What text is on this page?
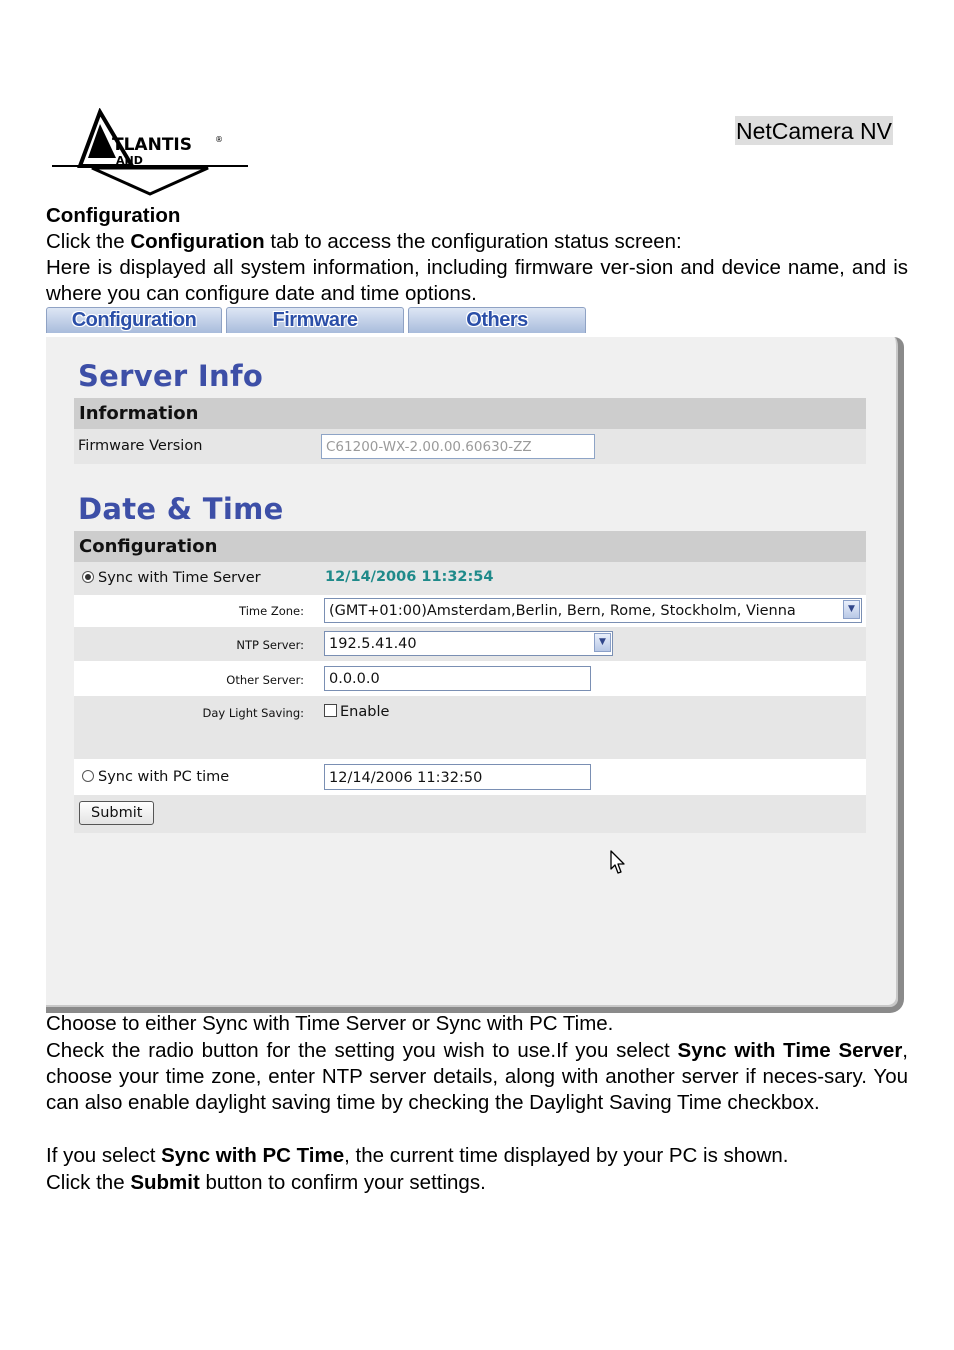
TLANTIS	®
AND
NetCamera NV
Configuration
Click the Configuration tab to access the configuration status screen:
Here is displayed all system information, including firmware ver-sion and device name, and is where you can configure date and time options.
Configuration	Firmware	Others
Server Info
Information
Firmware Version	C61200-WX-2.00.00.60630-ZZ
Date & Time
Configuration
Sync with Time Server	12/14/2006 11:32:54
Time Zone:	(GMT+01:00)Amsterdam,Berlin, Bern, Rome, Stockholm, Vienna	▼
NTP Server:	192.5.41.40	▼
Other Server:	0.0.0.0
Day Light Saving:	Enable
Sync with PC time	12/14/2006 11:32:50
Submit
Choose to either Sync with Time Server or Sync with PC Time.
Check the radio button for the setting you wish to use.If you select Sync with Time Server, choose your time zone, enter NTP server details, along with another server if neces-sary. You can also enable daylight saving time by checking the Daylight Saving Time checkbox.
If you select Sync with PC Time, the current time displayed by your PC is shown.
Click the Submit button to confirm your settings.
